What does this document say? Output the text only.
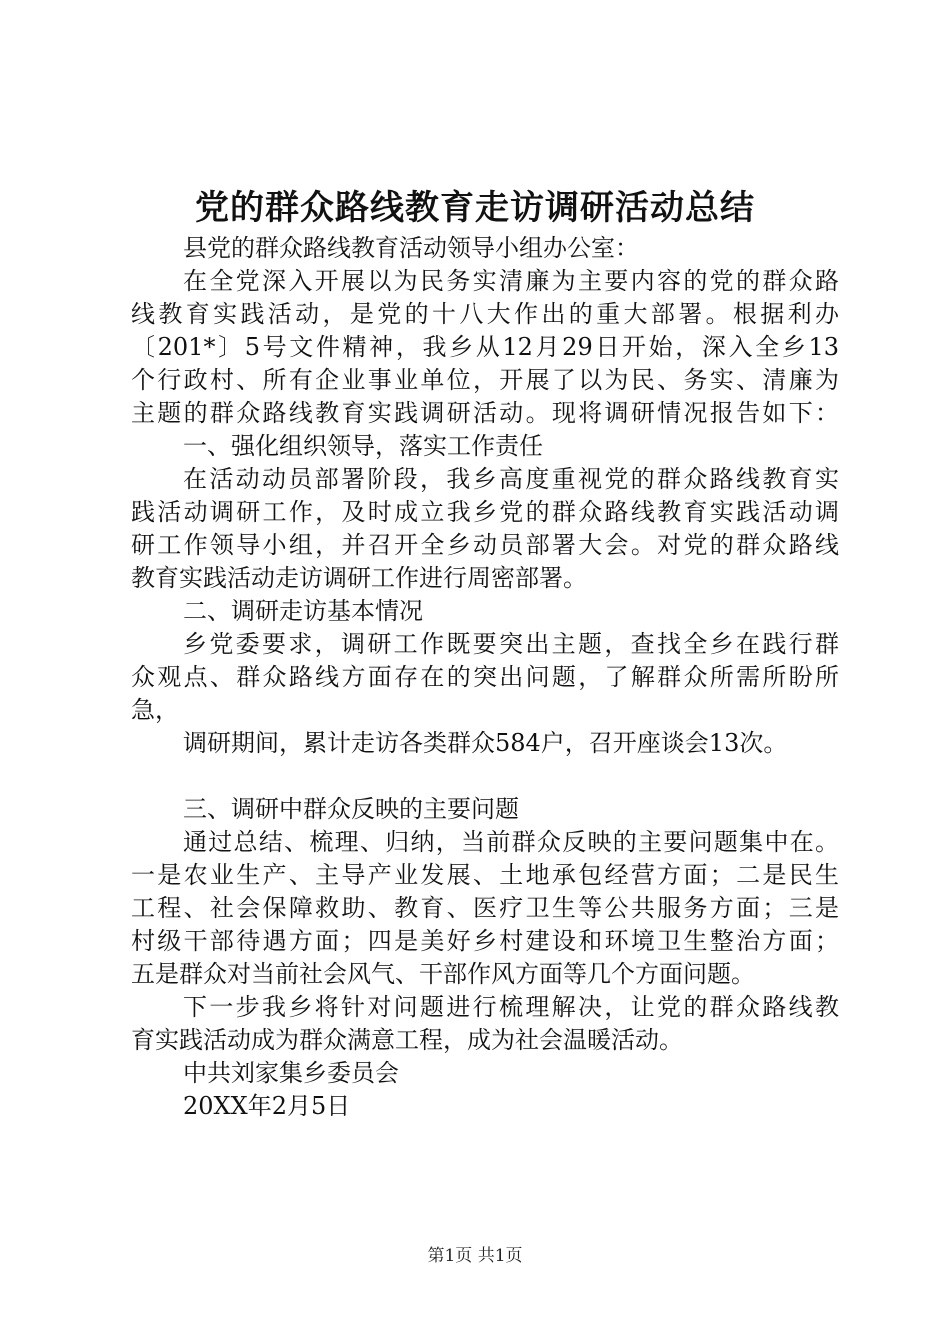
党的群众路线教育走访调研活动总结
县党的群众路线教育活动领导小组办公室：
在全党深入开展以为民务实清廉为主要内容的党的群众路
线教育实践活动，是党的十八大作出的重大部署。根据利办
〔201*〕5号文件精神，我乡从12月29日开始，深入全乡13
个行政村、所有企业事业单位，开展了以为民、务实、清廉为
主题的群众路线教育实践调研活动。现将调研情况报告如下：
一、强化组织领导，落实工作责任
在活动动员部署阶段，我乡高度重视党的群众路线教育实
践活动调研工作，及时成立我乡党的群众路线教育实践活动调
研工作领导小组，并召开全乡动员部署大会。对党的群众路线
教育实践活动走访调研工作进行周密部署。
二、调研走访基本情况
乡党委要求，调研工作既要突出主题，查找全乡在践行群
众观点、群众路线方面存在的突出问题，了解群众所需所盼所
急，
调研期间，累计走访各类群众584户，召开座谈会13次。
三、调研中群众反映的主要问题
通过总结、梳理、归纳，当前群众反映的主要问题集中在。
一是农业生产、主导产业发展、土地承包经营方面；二是民生
工程、社会保障救助、教育、医疗卫生等公共服务方面；三是
村级干部待遇方面；四是美好乡村建设和环境卫生整治方面；
五是群众对当前社会风气、干部作风方面等几个方面问题。
下一步我乡将针对问题进行梳理解决，让党的群众路线教
育实践活动成为群众满意工程，成为社会温暖活动。
中共刘家集乡委员会
20XX年2月5日
第1页 共1页
